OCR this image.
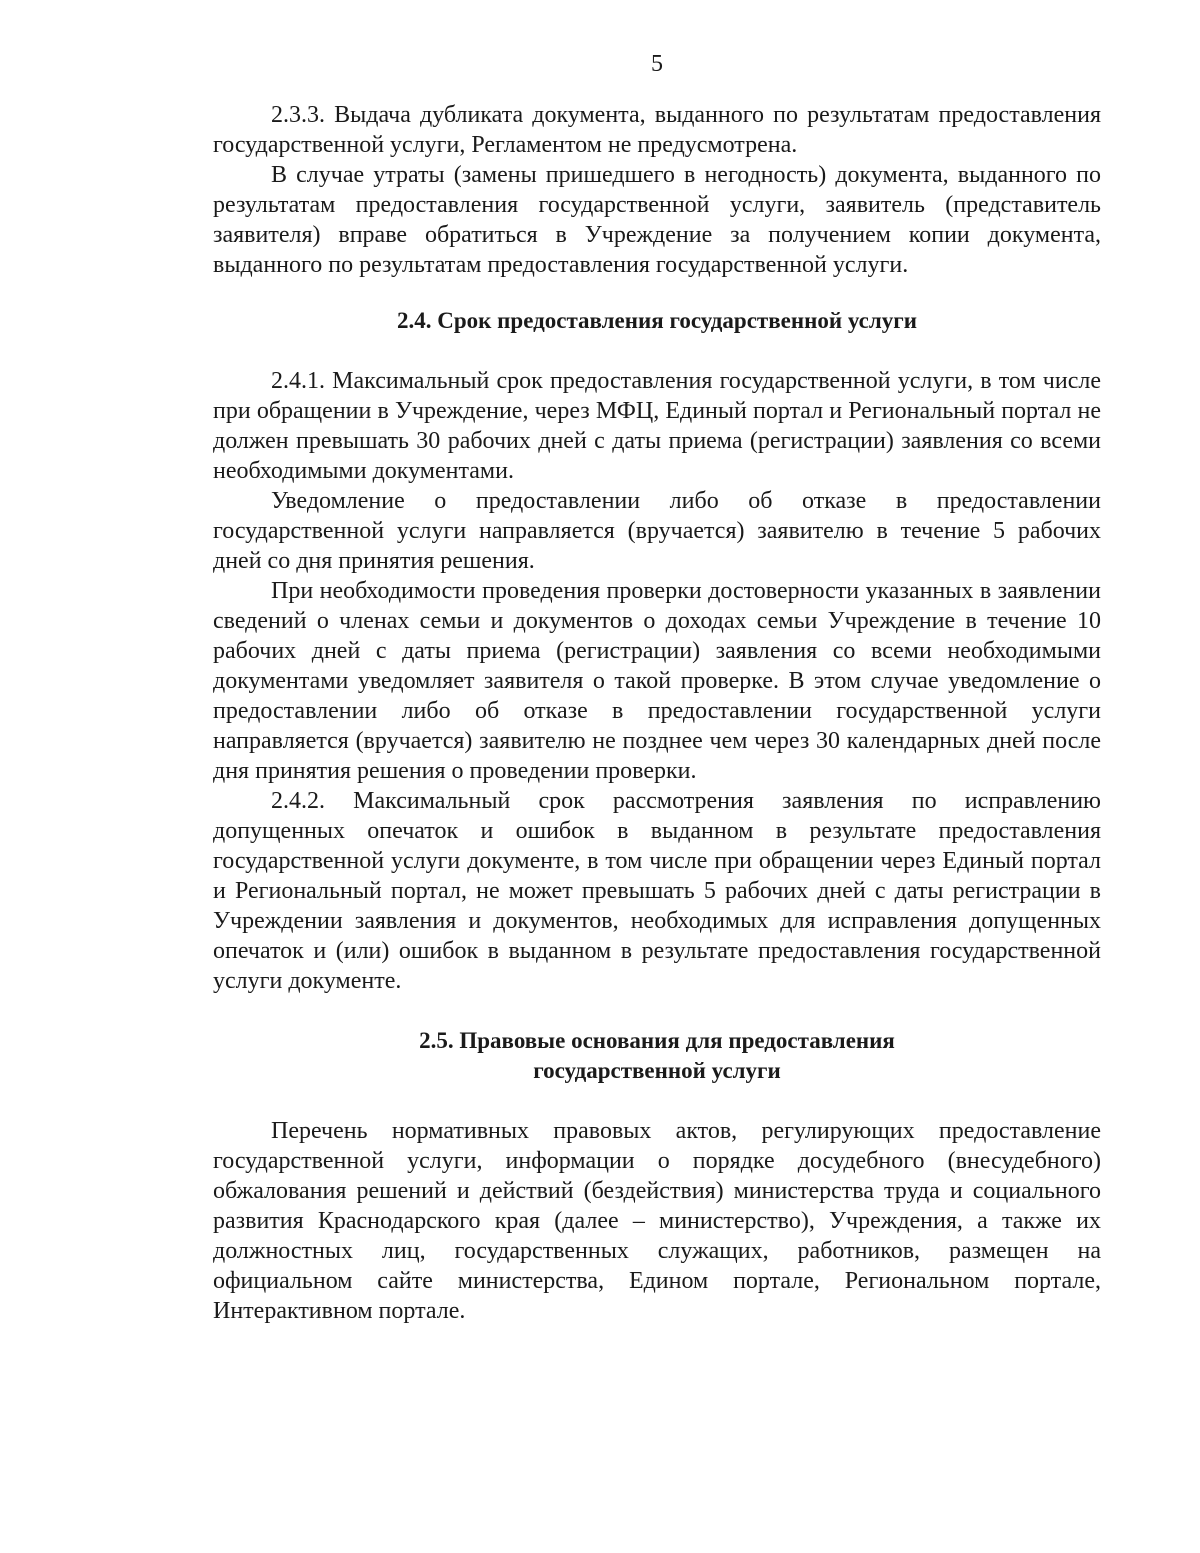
5

2.3.3. Выдача дубликата документа, выданного по результатам предоставления государственной услуги, Регламентом не предусмотрена.

В случае утраты (замены пришедшего в негодность) документа, выданного по результатам предоставления государственной услуги, заявитель (представитель заявителя) вправе обратиться в Учреждение за получением копии документа, выданного по результатам предоставления государственной услуги.

2.4. Срок предоставления государственной услуги

2.4.1. Максимальный срок предоставления государственной услуги, в том числе при обращении в Учреждение, через МФЦ, Единый портал и Региональный портал не должен превышать 30 рабочих дней с даты приема (регистрации) заявления со всеми необходимыми документами.

Уведомление о предоставлении либо об отказе в предоставлении государственной услуги направляется (вручается) заявителю в течение 5 рабочих дней со дня принятия решения.

При необходимости проведения проверки достоверности указанных в заявлении сведений о членах семьи и документов о доходах семьи Учреждение в течение 10 рабочих дней с даты приема (регистрации) заявления со всеми необходимыми документами уведомляет заявителя о такой проверке. В этом случае уведомление о предоставлении либо об отказе в предоставлении государственной услуги направляется (вручается) заявителю не позднее чем через 30 календарных дней после дня принятия решения о проведении проверки.

2.4.2. Максимальный срок рассмотрения заявления по исправлению допущенных опечаток и ошибок в выданном в результате предоставления государственной услуги документе, в том числе при обращении через Единый портал и Региональный портал, не может превышать 5 рабочих дней с даты регистрации в Учреждении заявления и документов, необходимых для исправления допущенных опечаток и (или) ошибок в выданном в результате предоставления государственной услуги документе.

2.5. Правовые основания для предоставления
государственной услуги

Перечень нормативных правовых актов, регулирующих предоставление государственной услуги, информации о порядке досудебного (внесудебного) обжалования решений и действий (бездействия) министерства труда и социального развития Краснодарского края (далее – министерство), Учреждения, а также их должностных лиц, государственных служащих, работников, размещен на официальном сайте министерства, Едином портале, Региональном портале, Интерактивном портале.
